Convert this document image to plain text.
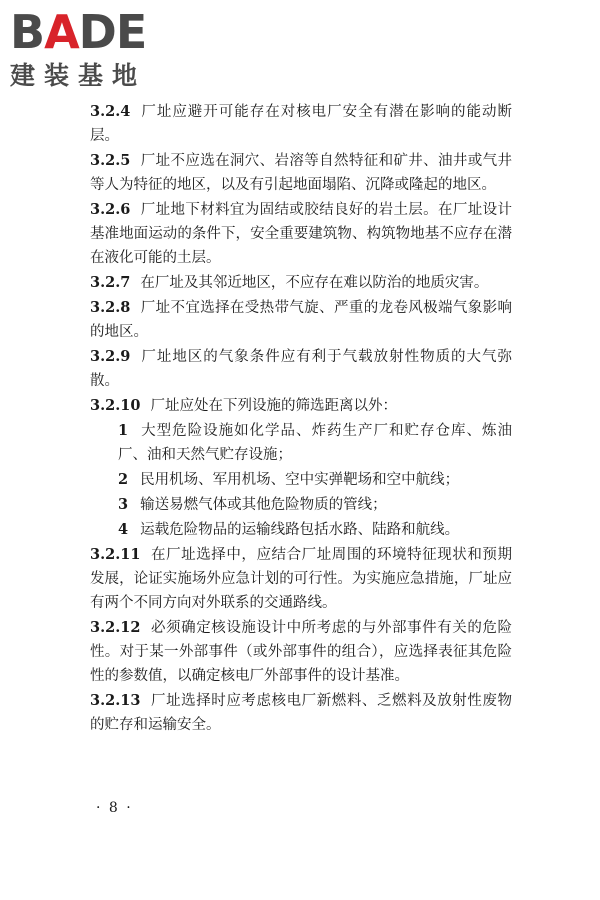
BADE
建装基地

3.2.4 厂址应避开可能存在对核电厂安全有潜在影响的能动断层。

3.2.5 厂址不应选在洞穴、岩溶等自然特征和矿井、油井或气井等人为特征的地区，以及有引起地面塌陷、沉降或隆起的地区。

3.2.6 厂址地下材料宜为固结或胶结良好的岩土层。在厂址设计基准地面运动的条件下，安全重要建筑物、构筑物地基不应存在潜在液化可能的土层。

3.2.7 在厂址及其邻近地区，不应存在难以防治的地质灾害。

3.2.8 厂址不宜选择在受热带气旋、严重的龙卷风极端气象影响的地区。

3.2.9 厂址地区的气象条件应有利于气载放射性物质的大气弥散。

3.2.10 厂址应处在下列设施的筛选距离以外：

1 大型危险设施如化学品、炸药生产厂和贮存仓库、炼油厂、油和天然气贮存设施；

2 民用机场、军用机场、空中实弹靶场和空中航线；

3 输送易燃气体或其他危险物质的管线；

4 运载危险物品的运输线路包括水路、陆路和航线。

3.2.11 在厂址选择中，应结合厂址周围的环境特征现状和预期发展，论证实施场外应急计划的可行性。为实施应急措施，厂址应有两个不同方向对外联系的交通路线。

3.2.12 必须确定核设施设计中所考虑的与外部事件有关的危险性。对于某一外部事件（或外部事件的组合），应选择表征其危险性的参数值，以确定核电厂外部事件的设计基准。

3.2.13 厂址选择时应考虑核电厂新燃料、乏燃料及放射性废物的贮存和运输安全。

· 8 ·
